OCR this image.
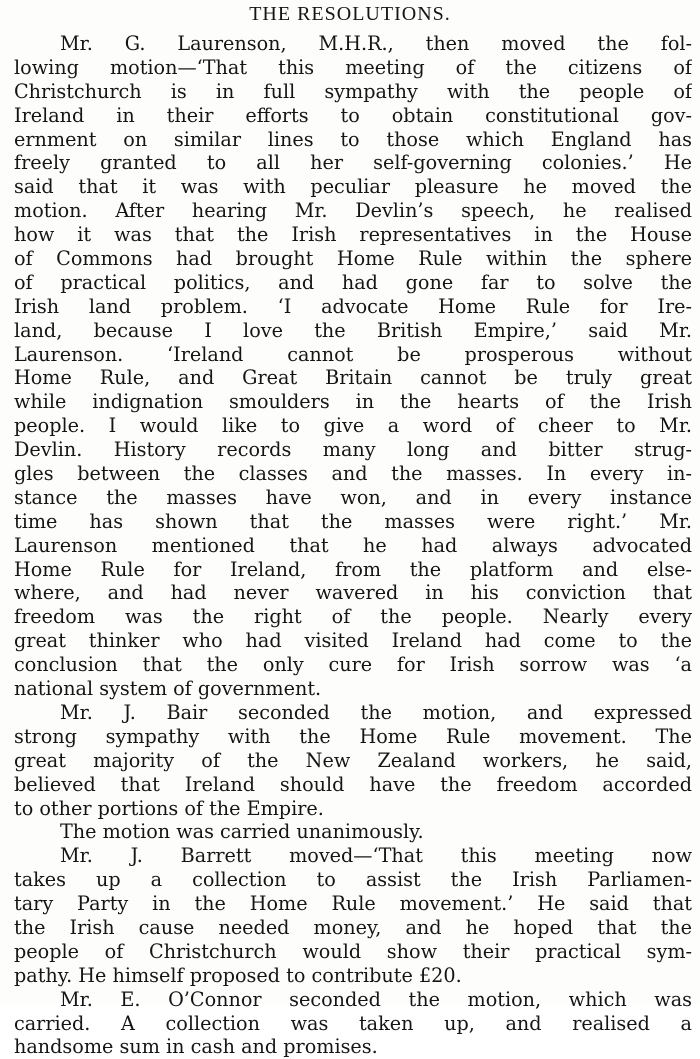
THE RESOLUTIONS.
Mr. G. Laurenson, M.H.R., then moved the fol-
lowing motion—‘That this meeting of the citizens of
Christchurch is in full sympathy with the people of
Ireland in their efforts to obtain constitutional gov-
ernment on similar lines to those which England has
freely granted to all her self-governing colonies.’ He
said that it was with peculiar pleasure he moved the
motion. After hearing Mr. Devlin’s speech, he realised
how it was that the Irish representatives in the House
of Commons had brought Home Rule within the sphere
of practical politics, and had gone far to solve the
Irish land problem. ‘I advocate Home Rule for Ire-
land, because I love the British Empire,’ said Mr.
Laurenson. ‘Ireland cannot be prosperous without
Home Rule, and Great Britain cannot be truly great
while indignation smoulders in the hearts of the Irish
people. I would like to give a word of cheer to Mr.
Devlin. History records many long and bitter strug-
gles between the classes and the masses. In every in-
stance the masses have won, and in every instance
time has shown that the masses were right.’ Mr.
Laurenson mentioned that he had always advocated
Home Rule for Ireland, from the platform and else-
where, and had never wavered in his conviction that
freedom was the right of the people. Nearly every
great thinker who had visited Ireland had come to the
conclusion that the only cure for Irish sorrow was ‘a
national system of government.
Mr. J. Bair seconded the motion, and expressed
strong sympathy with the Home Rule movement. The
great majority of the New Zealand workers, he said,
believed that Ireland should have the freedom accorded
to other portions of the Empire.
The motion was carried unanimously.
Mr. J. Barrett moved—‘That this meeting now
takes up a collection to assist the Irish Parliamen-
tary Party in the Home Rule movement.’ He said that
the Irish cause needed money, and he hoped that the
people of Christchurch would show their practical sym-
pathy. He himself proposed to contribute £20.
Mr. E. O’Connor seconded the motion, which was
carried. A collection was taken up, and realised a
handsome sum in cash and promises.
